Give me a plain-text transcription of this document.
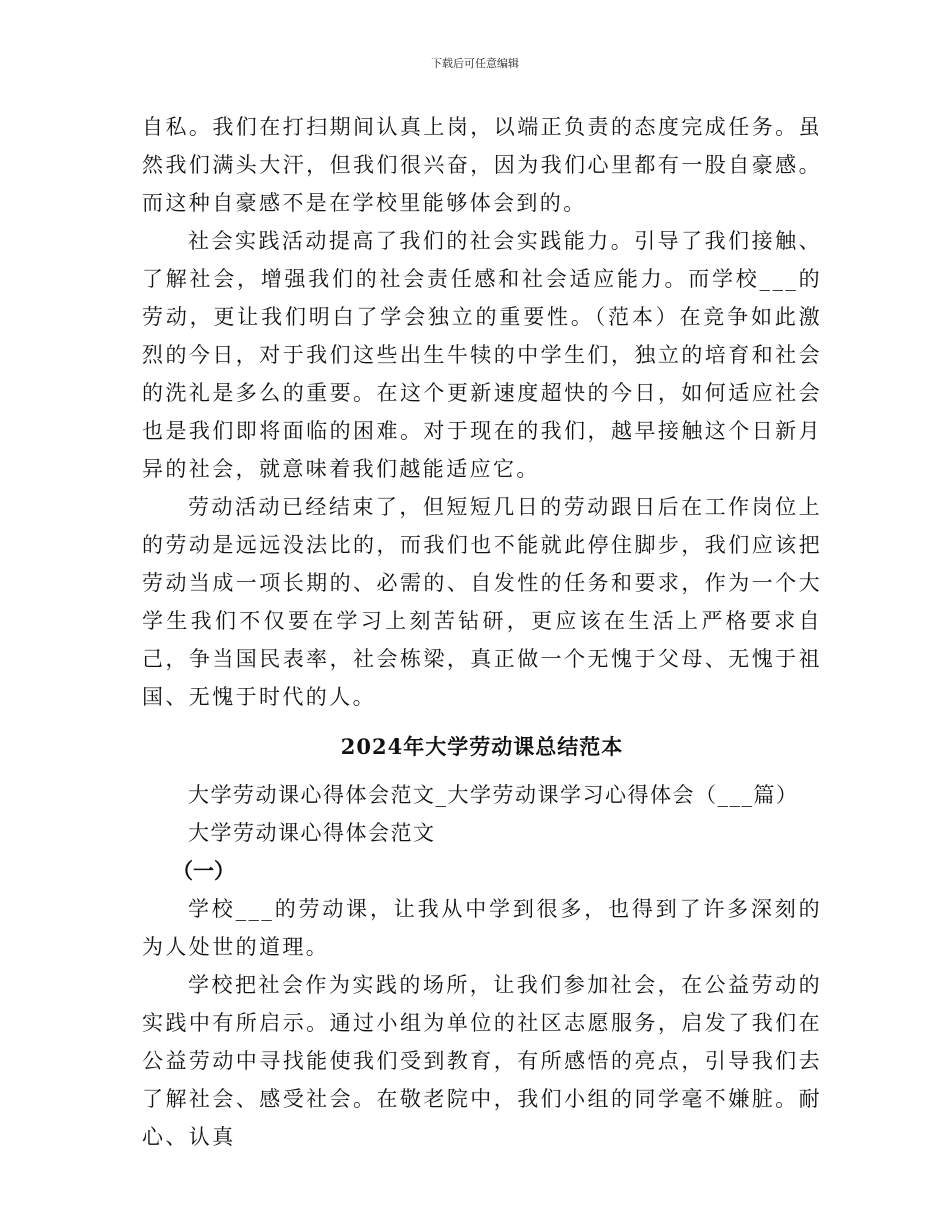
下载后可任意编辑

自私。我们在打扫期间认真上岗，以端正负责的态度完成任务。虽然我们满头大汗，但我们很兴奋，因为我们心里都有一股自豪感。而这种自豪感不是在学校里能够体会到的。

社会实践活动提高了我们的社会实践能力。引导了我们接触、了解社会，增强我们的社会责任感和社会适应能力。而学校___的劳动，更让我们明白了学会独立的重要性。（范本）在竞争如此激烈的今日，对于我们这些出生牛犊的中学生们，独立的培育和社会的洗礼是多么的重要。在这个更新速度超快的今日，如何适应社会也是我们即将面临的困难。对于现在的我们，越早接触这个日新月异的社会，就意味着我们越能适应它。

劳动活动已经结束了，但短短几日的劳动跟日后在工作岗位上的劳动是远远没法比的，而我们也不能就此停住脚步，我们应该把劳动当成一项长期的、必需的、自发性的任务和要求，作为一个大学生我们不仅要在学习上刻苦钻研，更应该在生活上严格要求自己，争当国民表率，社会栋梁，真正做一个无愧于父母、无愧于祖国、无愧于时代的人。

2024年大学劳动课总结范本

大学劳动课心得体会范文_大学劳动课学习心得体会（___篇）

大学劳动课心得体会范文

（一）

学校___的劳动课，让我从中学到很多，也得到了许多深刻的为人处世的道理。

学校把社会作为实践的场所，让我们参加社会，在公益劳动的实践中有所启示。通过小组为单位的社区志愿服务，启发了我们在公益劳动中寻找能使我们受到教育，有所感悟的亮点，引导我们去了解社会、感受社会。在敬老院中，我们小组的同学毫不嫌脏。耐心、认真
